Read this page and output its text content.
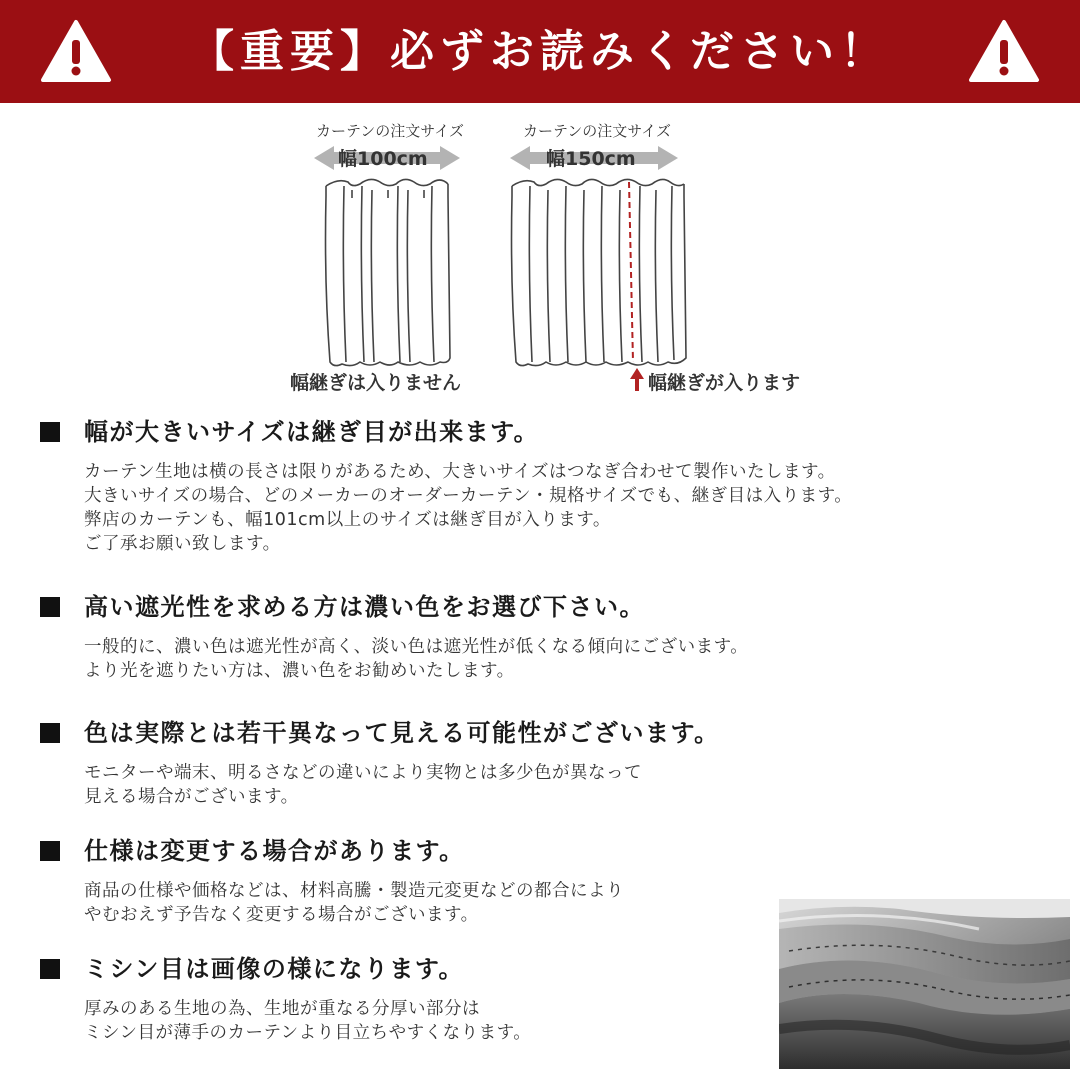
【重要】必ずお読みください！
カーテンの注文サイズ	カーテンの注文サイズ
幅100cm	幅150cm
幅継ぎは入りません	幅継ぎが入ります
幅が大きいサイズは継ぎ目が出来ます。
カーテン生地は横の長さは限りがあるため、大きいサイズはつなぎ合わせて製作いたします。
大きいサイズの場合、どのメーカーのオーダーカーテン・規格サイズでも、継ぎ目は入ります。
弊店のカーテンも、幅101cm以上のサイズは継ぎ目が入ります。
ご了承お願い致します。
高い遮光性を求める方は濃い色をお選び下さい。
一般的に、濃い色は遮光性が高く、淡い色は遮光性が低くなる傾向にございます。
より光を遮りたい方は、濃い色をお勧めいたします。
色は実際とは若干異なって見える可能性がございます。
モニターや端末、明るさなどの違いにより実物とは多少色が異なって
見える場合がございます。
仕様は変更する場合があります。
商品の仕様や価格などは、材料高騰・製造元変更などの都合により
やむおえず予告なく変更する場合がございます。
ミシン目は画像の様になります。
厚みのある生地の為、生地が重なる分厚い部分は
ミシン目が薄手のカーテンより目立ちやすくなります。
